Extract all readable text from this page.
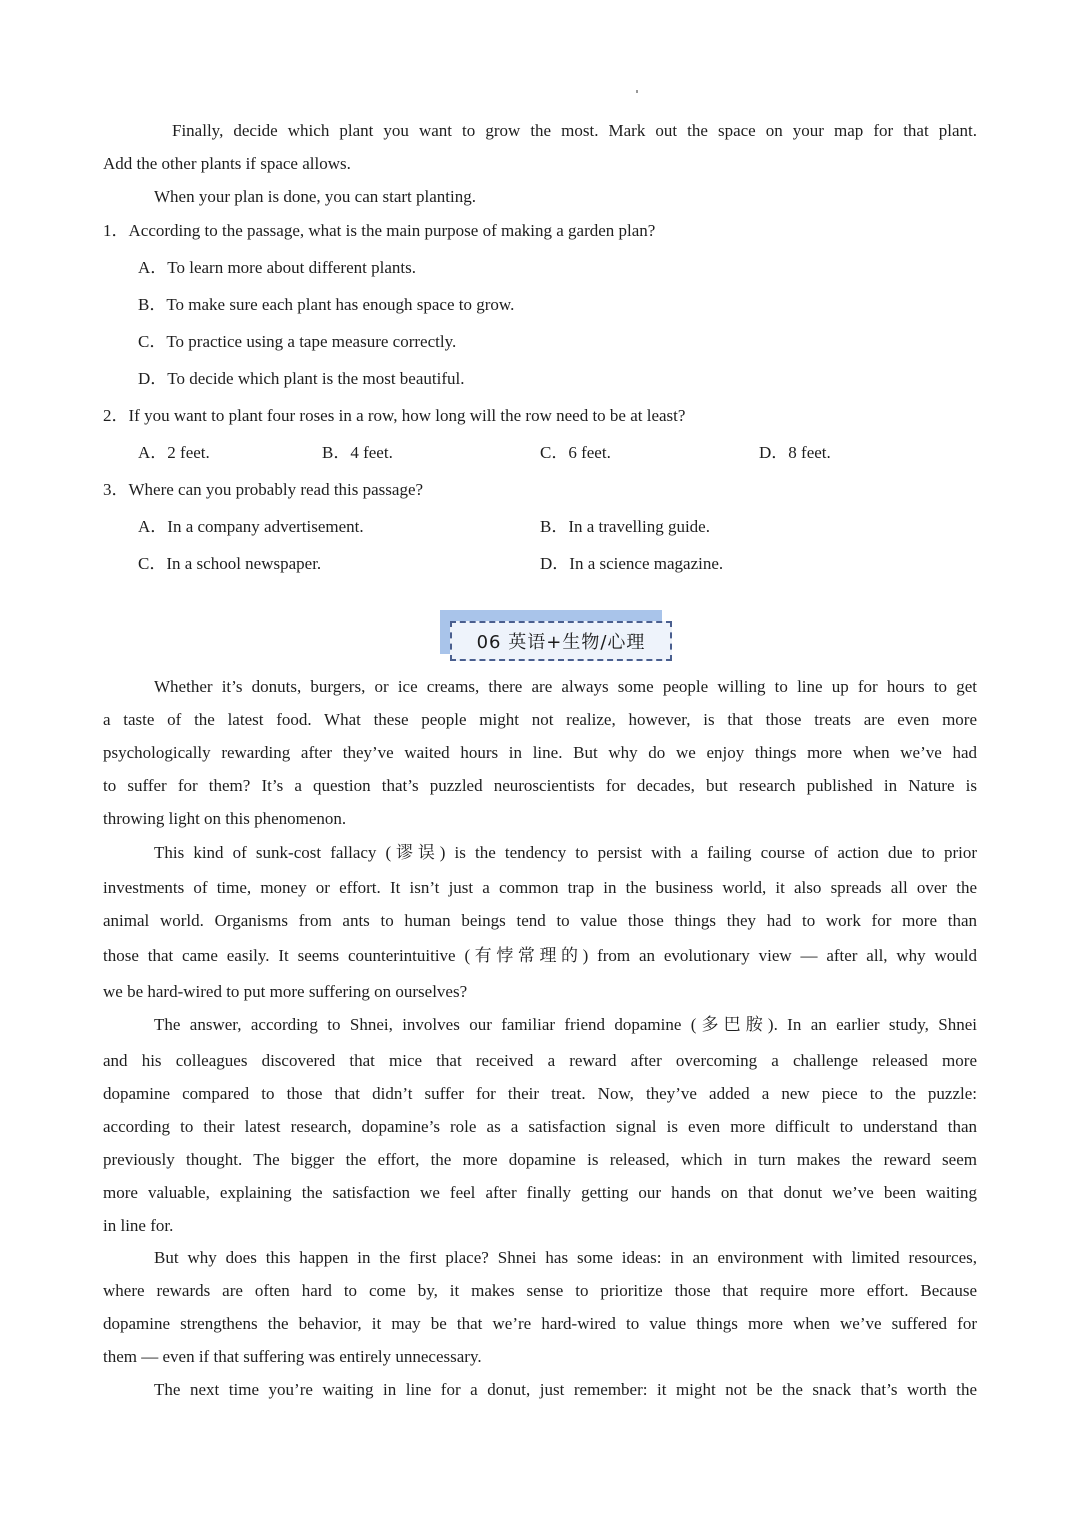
Finally, decide which plant you want to grow the most. Mark out the space on your map for that plant.
Add the other plants if space allows.
When your plan is done, you can start planting.
1．According to the passage, what is the main purpose of making a garden plan?
A．To learn more about different plants.
B．To make sure each plant has enough space to grow.
C．To practice using a tape measure correctly.
D．To decide which plant is the most beautiful.
2．If you want to plant four roses in a row, how long will the row need to be at least?
A．2 feet.	B．4 feet.	C．6 feet.	D．8 feet.
3．Where can you probably read this passage?
A．In a company advertisement.	B．In a travelling guide.
C．In a school newspaper.	D．In a science magazine.
06 英语+生物/心理
Whether it’s donuts, burgers, or ice creams, there are always some people willing to line up for hours to get
a taste of the latest food. What these people might not realize, however, is that those treats are even more
psychologically rewarding after they’ve waited hours in line. But why do we enjoy things more when we’ve had
to suffer for them? It’s a question that’s puzzled neuroscientists for decades, but research published in Nature is
throwing light on this phenomenon.
This kind of sunk-cost fallacy (谬误) is the tendency to persist with a failing course of action due to prior
investments of time, money or effort. It isn’t just a common trap in the business world, it also spreads all over the
animal world. Organisms from ants to human beings tend to value those things they had to work for more than
those that came easily. It seems counterintuitive (有悖常理的) from an evolutionary view — after all, why would
we be hard-wired to put more suffering on ourselves?
The answer, according to Shnei, involves our familiar friend dopamine (多巴胺). In an earlier study, Shnei
and his colleagues discovered that mice that received a reward after overcoming a challenge released more
dopamine compared to those that didn’t suffer for their treat. Now, they’ve added a new piece to the puzzle:
according to their latest research, dopamine’s role as a satisfaction signal is even more difficult to understand than
previously thought. The bigger the effort, the more dopamine is released, which in turn makes the reward seem
more valuable, explaining the satisfaction we feel after finally getting our hands on that donut we’ve been waiting
in line for.
But why does this happen in the first place? Shnei has some ideas: in an environment with limited resources,
where rewards are often hard to come by, it makes sense to prioritize those that require more effort. Because
dopamine strengthens the behavior, it may be that we’re hard-wired to value things more when we’ve suffered for
them — even if that suffering was entirely unnecessary.
The next time you’re waiting in line for a donut, just remember: it might not be the snack that’s worth the
